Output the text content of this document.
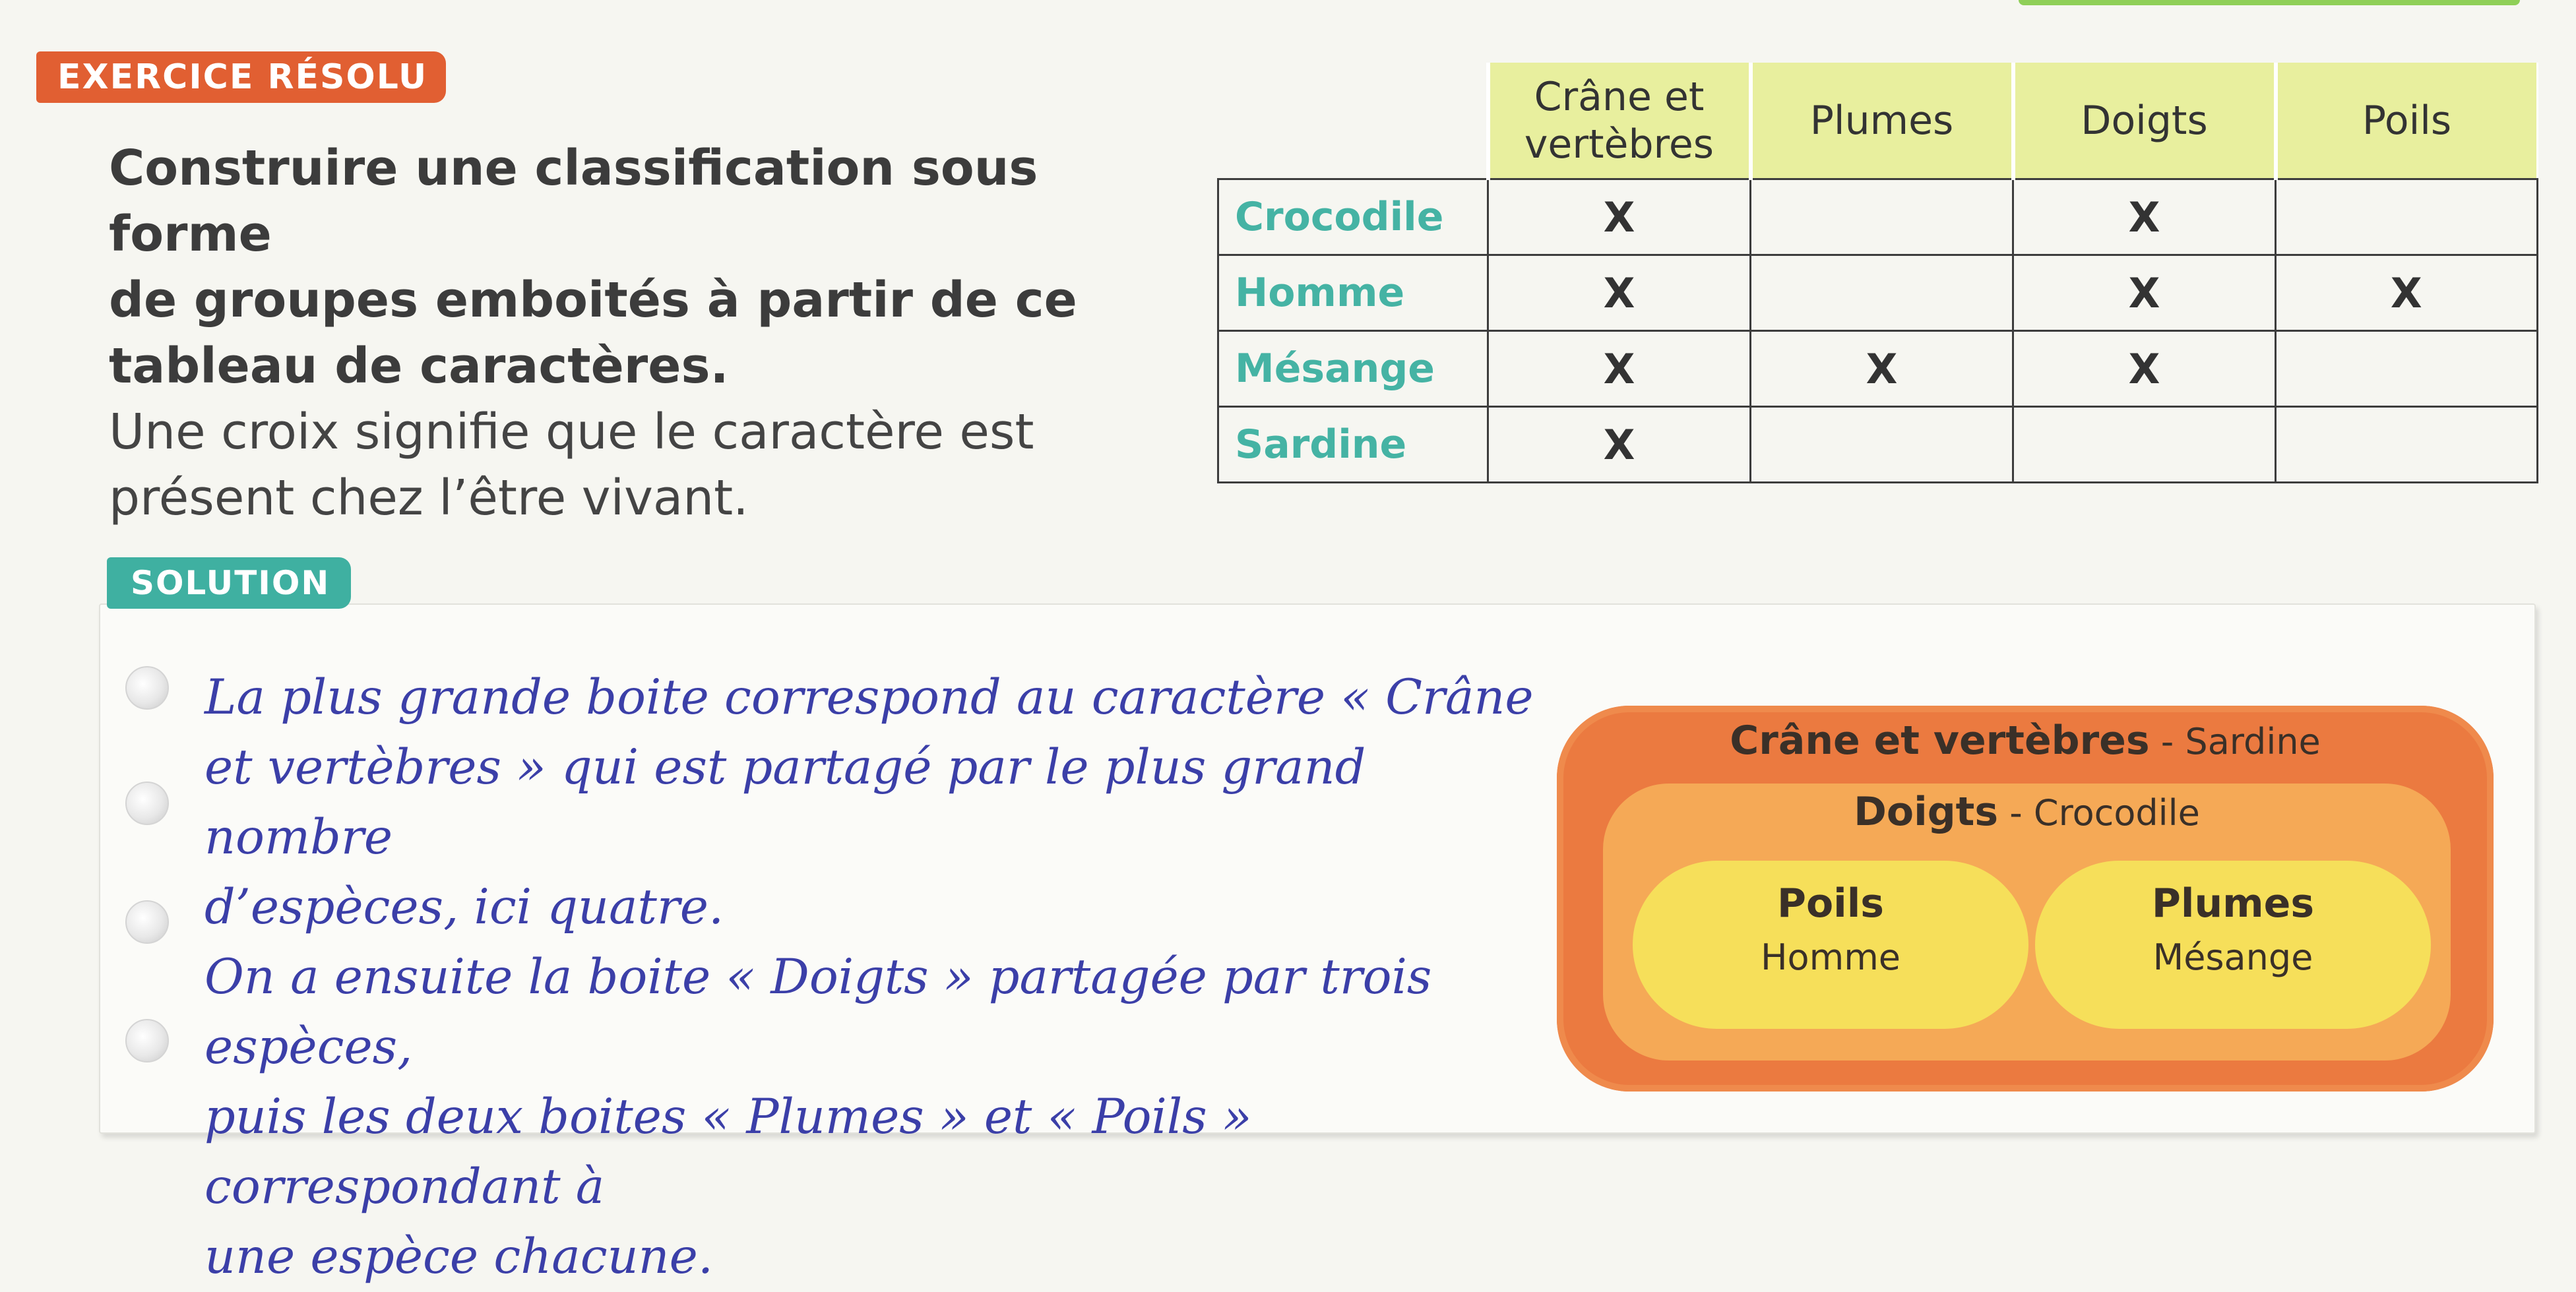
EXERCICE RÉSOLU

Construire une classification sous forme

de groupes emboités à partir de ce

tableau de caractères.

Une croix signifie que le caractère est

présent chez l’être vivant.

	Crâne et vertèbres	Plumes	Doigts	Poils
Crocodile	X		X	
Homme	X		X	X
Mésange	X	X	X	
Sardine	X			
SOLUTION

La plus grande boite correspond au caractère « Crâne

et vertèbres » qui est partagé par le plus grand nombre

d’espèces, ici quatre.

On a ensuite la boite « Doigts » partagée par trois espèces,

puis les deux boites « Plumes » et « Poils » correspondant à

une espèce chacune.

Crâne et vertèbres - Sardine
Doigts - Crocodile
Poils
Homme
Plumes
Mésange
